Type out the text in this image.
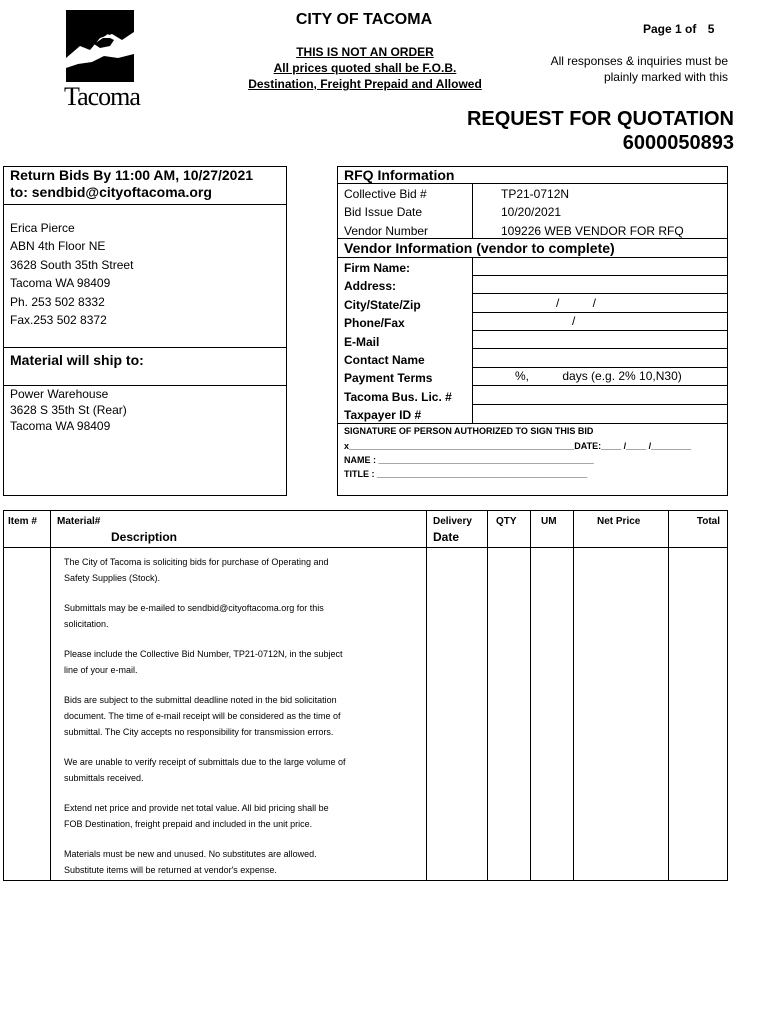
Tacoma
CITY OF TACOMA
THIS IS NOT AN ORDER
All prices quoted shall be F.O.B.
Destination, Freight Prepaid and Allowed
Page 1 of 5
All responses & inquiries must be
plainly marked with this
REQUEST FOR QUOTATION
6000050893
Return Bids By 11:00 AM, 10/27/2021
to: sendbid@cityoftacoma.org
Erica Pierce
ABN 4th Floor NE
3628 South 35th Street
Tacoma WA 98409
Ph. 253 502 8332
Fax.253 502 8372
Material will ship to:
Power Warehouse
3628 S 35th St (Rear)
Tacoma WA 98409
RFQ Information
Collective Bid #
Bid Issue Date
Vendor Number
TP21-0712N
10/20/2021
109226 WEB VENDOR FOR RFQ
Vendor Information (vendor to complete)
Firm Name:
Address:
City/State/Zip
Phone/Fax
E-Mail
Contact Name
Payment Terms
Tacoma Bus. Lic. #
Taxpayer ID #
/          /
/
%,          days (e.g. 2% 10,N30)
SIGNATURE OF PERSON AUTHORIZED TO SIGN THIS BID
x_____________________________________________DATE:____ /____ /________
NAME : ___________________________________________
TITLE : __________________________________________
Item # Material#
Description
Delivery
Date
QTY UM	Net Price	Total
The City of Tacoma is soliciting bids for purchase of Operating and
Safety Supplies (Stock).
Submittals may be e-mailed to sendbid@cityoftacoma.org for this
solicitation.
Please include the Collective Bid Number, TP21-0712N, in the subject
line of your e-mail.
Bids are subject to the submittal deadline noted in the bid solicitation
document. The time of e-mail receipt will be considered as the time of
submittal. The City accepts no responsibility for transmission errors.
We are unable to verify receipt of submittals due to the large volume of
submittals received.
Extend net price and provide net total value. All bid pricing shall be
FOB Destination, freight prepaid and included in the unit price.
Materials must be new and unused. No substitutes are allowed.
Substitute items will be returned at vendor's expense.
